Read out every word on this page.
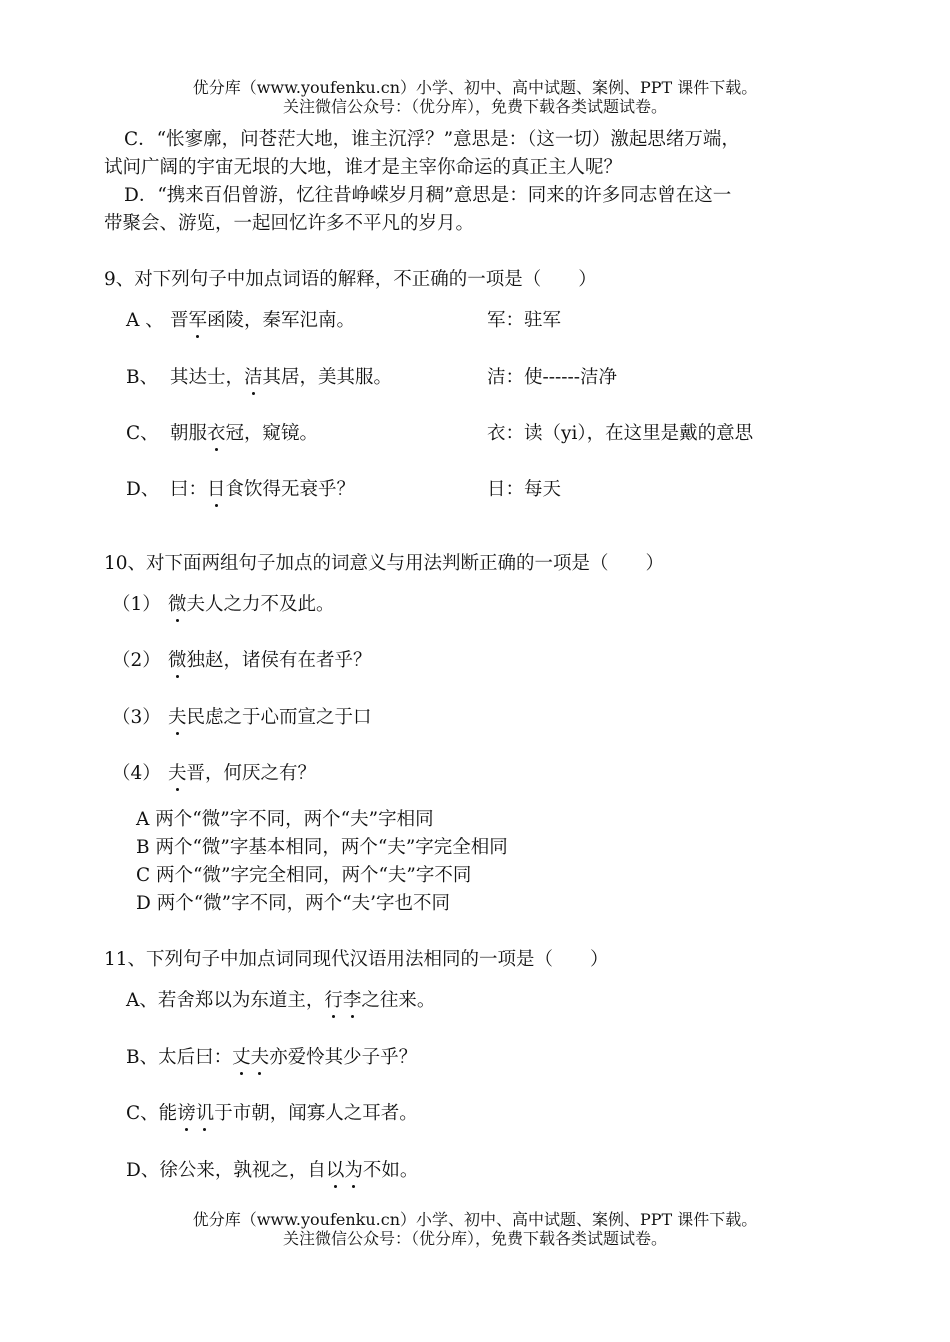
优分库（www.youfenku.cn）小学、初中、高中试题、案例、PPT 课件下载。
关注微信公众号：（优分库），免费下载各类试题试卷。
C．“怅寥廓，问苍茫大地，谁主沉浮？”意思是：（这一切）激起思绪万端，
试问广阔的宇宙无垠的大地，谁才是主宰你命运的真正主人呢？
D．“携来百侣曾游，忆往昔峥嵘岁月稠”意思是：同来的许多同志曾在这一
带聚会、游览，一起回忆许多不平凡的岁月。
9、对下列句子中加点词语的解释，不正确的一项是（　　）
A 、 晋军函陵，秦军氾南。	军：驻军
B、 其达士，洁其居，美其服。	洁：使------洁净
C、 朝服衣冠，窥镜。	衣：读（yi），在这里是戴的意思
D、 曰：日食饮得无衰乎？	日：每天
10、对下面两组句子加点的词意义与用法判断正确的一项是（　　）
（1） 微夫人之力不及此。
（2） 微独赵，诸侯有在者乎？
（3） 夫民虑之于心而宣之于口
（4） 夫晋，何厌之有？
A 两个“微”字不同，两个“夫”字相同
B 两个“微”字基本相同，两个“夫”字完全相同
C 两个“微”字完全相同，两个“夫”字不同
D 两个“微”字不同，两个“夫’字也不同
11、下列句子中加点词同现代汉语用法相同的一项是（　　）
A、若舍郑以为东道主，行李之往来。
B、太后曰：丈夫亦爱怜其少子乎？
C、能谤讥于市朝，闻寡人之耳者。
D、徐公来，孰视之，自以为不如。
优分库（www.youfenku.cn）小学、初中、高中试题、案例、PPT 课件下载。
关注微信公众号：（优分库），免费下载各类试题试卷。
